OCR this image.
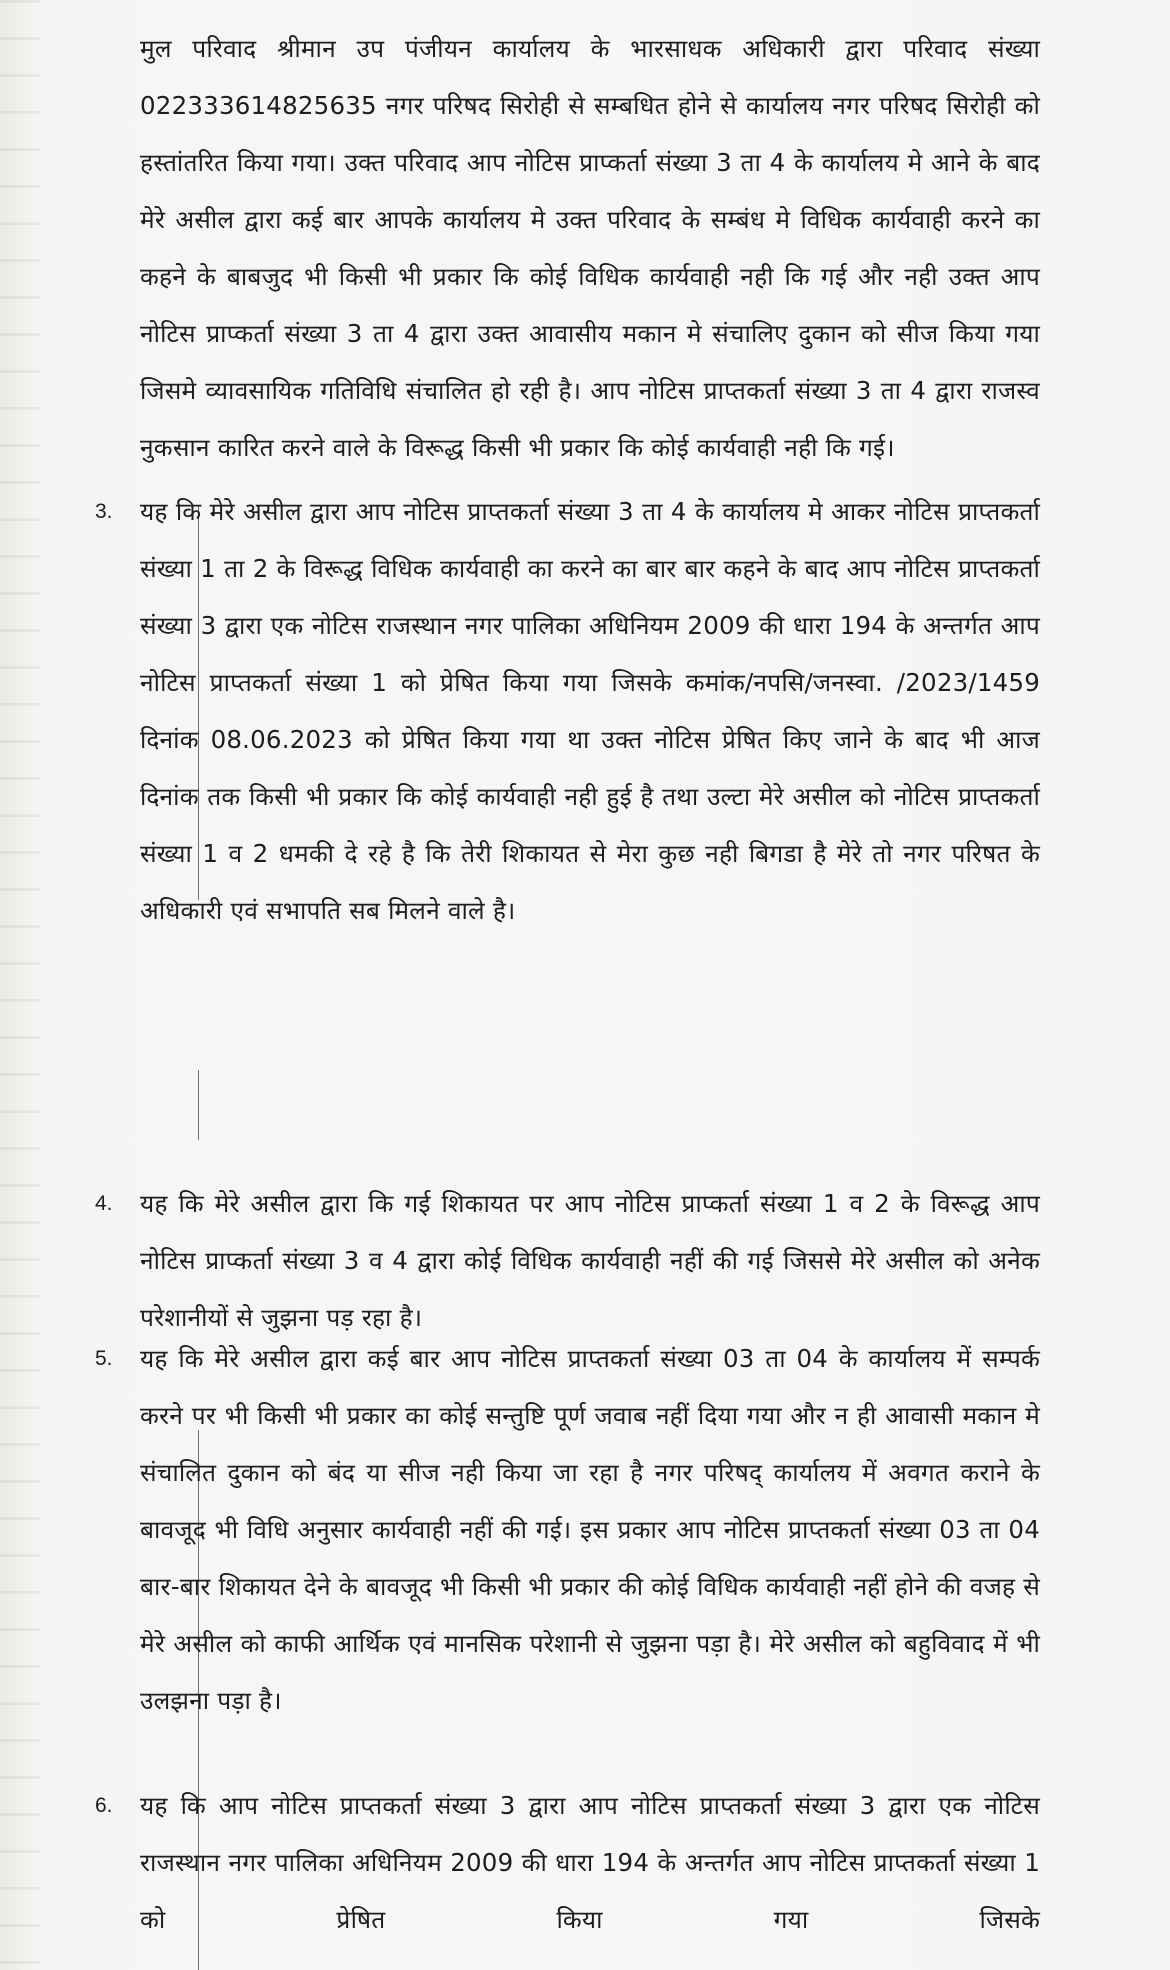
मुल परिवाद श्रीमान उप पंजीयन कार्यालय के भारसाधक अधिकारी द्वारा परिवाद संख्या 022333614825635 नगर परिषद सिरोही से सम्बधित होने से कार्यालय नगर परिषद सिरोही को हस्तांतरित किया गया। उक्त परिवाद आप नोटिस प्राप्कर्ता संख्या 3 ता 4 के कार्यालय मे आने के बाद मेरे असील द्वारा कई बार आपके कार्यालय मे उक्त परिवाद के सम्बंध मे विधिक कार्यवाही करने का कहने के बाबजुद भी किसी भी प्रकार कि कोई विधिक कार्यवाही नही कि गई और नही उक्त आप नोटिस प्राप्कर्ता संख्या 3 ता 4 द्वारा उक्त आवासीय मकान मे संचालिए दुकान को सीज किया गया जिसमे व्यावसायिक गतिविधि संचालित हो रही है। आप नोटिस प्राप्तकर्ता संख्या 3 ता 4 द्वारा राजस्व नुकसान कारित करने वाले के विरूद्ध किसी भी प्रकार कि कोई कार्यवाही नही कि गई।
3.	यह कि मेरे असील द्वारा आप नोटिस प्राप्तकर्ता संख्या 3 ता 4 के कार्यालय मे आकर नोटिस प्राप्तकर्ता संख्या 1 ता 2 के विरूद्ध विधिक कार्यवाही का करने का बार बार कहने के बाद आप नोटिस प्राप्तकर्ता संख्या 3 द्वारा एक नोटिस राजस्थान नगर पालिका अधिनियम 2009 की धारा 194 के अन्तर्गत आप नोटिस प्राप्तकर्ता संख्या 1 को प्रेषित किया गया जिसके कमांक/नपसि/जनस्वा. /2023/1459 दिनांक 08.06.2023 को प्रेषित किया गया था उक्त नोटिस प्रेषित किए जाने के बाद भी आज दिनांक तक किसी भी प्रकार कि कोई कार्यवाही नही हुई है तथा उल्टा मेरे असील को नोटिस प्राप्तकर्ता संख्या 1 व 2 धमकी दे रहे है कि तेरी शिकायत से मेरा कुछ नही बिगडा है मेरे तो नगर परिषत के अधिकारी एवं सभापति सब मिलने वाले है।
4.	यह कि मेरे असील द्वारा कि गई शिकायत पर आप नोटिस प्राप्कर्ता संख्या 1 व 2 के विरूद्ध आप नोटिस प्राप्कर्ता संख्या 3 व 4 द्वारा कोई विधिक कार्यवाही नहीं की गई जिससे मेरे असील को अनेक परेशानीयों से जुझना पड़ रहा है।
5.	यह कि मेरे असील द्वारा कई बार आप नोटिस प्राप्तकर्ता संख्या 03 ता 04 के कार्यालय में सम्पर्क करने पर भी किसी भी प्रकार का कोई सन्तुष्टि पूर्ण जवाब नहीं दिया गया और न ही आवासी मकान मे संचालित दुकान को बंद या सीज नही किया जा रहा है नगर परिषद् कार्यालय में अवगत कराने के बावजूद भी विधि अनुसार कार्यवाही नहीं की गई। इस प्रकार आप नोटिस प्राप्तकर्ता संख्या 03 ता 04 बार-बार शिकायत देने के बावजूद भी किसी भी प्रकार की कोई विधिक कार्यवाही नहीं होने की वजह से मेरे असील को काफी आर्थिक एवं मानसिक परेशानी से जुझना पड़ा है। मेरे असील को बहुविवाद में भी उलझना पड़ा है।
6.	यह कि आप नोटिस प्राप्तकर्ता संख्या 3 द्वारा आप नोटिस प्राप्तकर्ता संख्या 3 द्वारा एक नोटिस राजस्थान नगर पालिका अधिनियम 2009 की धारा 194 के अन्तर्गत आप नोटिस प्राप्तकर्ता संख्या 1 को प्रेषित किया गया जिसके
